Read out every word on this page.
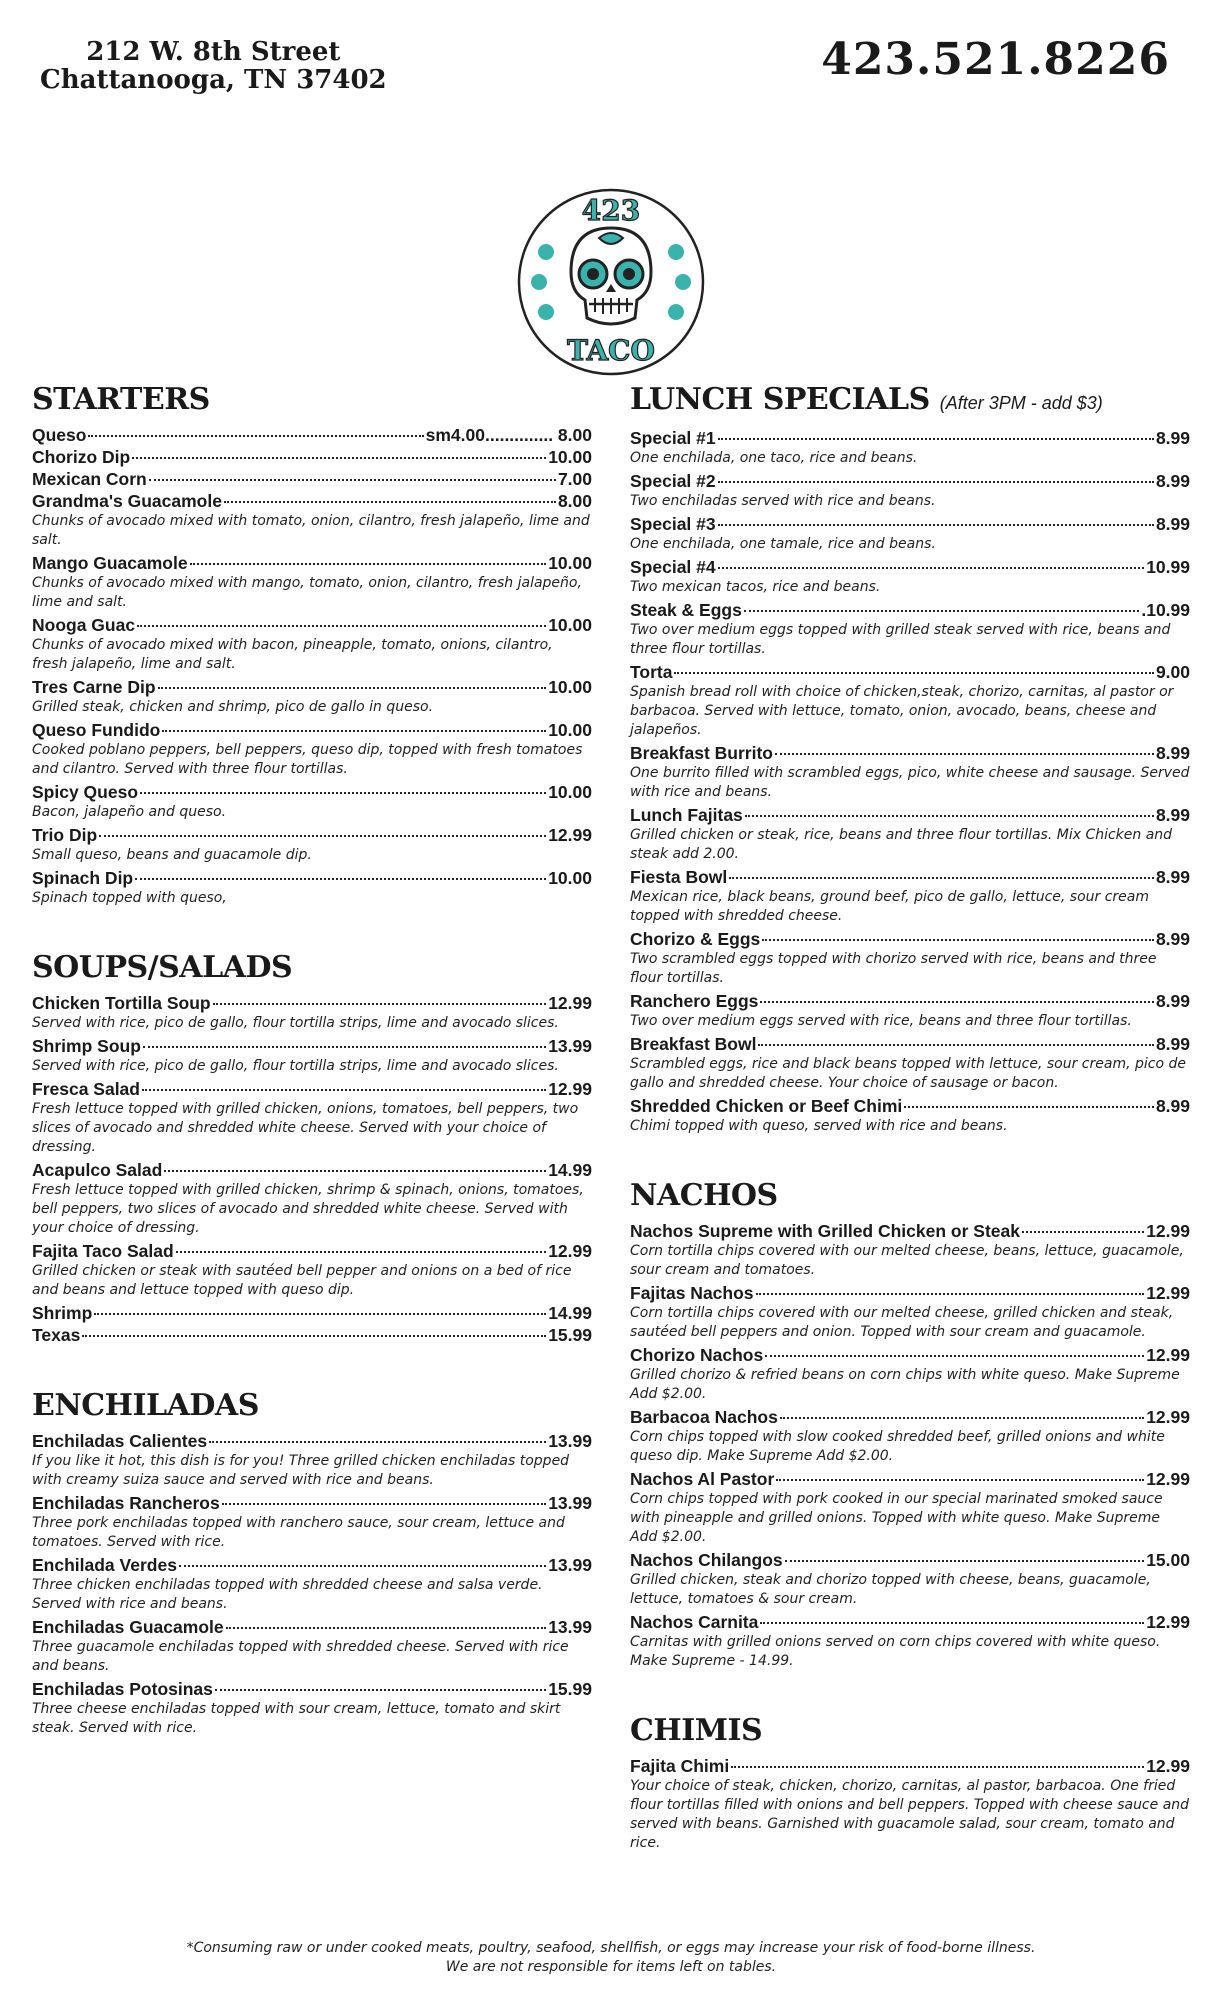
212 W. 8th Street
Chattanooga, TN 37402	423.521.8226
423
TACO
STARTERS
Queso	sm4.00.............. 8.00
Chorizo Dip	10.00
Mexican Corn	7.00
Grandma's Guacamole	8.00
Chunks of avocado mixed with tomato, onion, cilantro, fresh jalapeño, lime and salt.
Mango Guacamole	10.00
Chunks of avocado mixed with mango, tomato, onion, cilantro, fresh jalapeño, lime and salt.
Nooga Guac	10.00
Chunks of avocado mixed with bacon, pineapple, tomato, onions, cilantro, fresh jalapeño, lime and salt.
Tres Carne Dip	10.00
Grilled steak, chicken and shrimp, pico de gallo in queso.
Queso Fundido	10.00
Cooked poblano peppers, bell peppers, queso dip, topped with fresh tomatoes and cilantro. Served with three flour tortillas.
Spicy Queso	10.00
Bacon, jalapeño and queso.
Trio Dip	12.99
Small queso, beans and guacamole dip.
Spinach Dip	10.00
Spinach topped with queso,
SOUPS/SALADS
Chicken Tortilla Soup	12.99
Served with rice, pico de gallo, flour tortilla strips, lime and avocado slices.
Shrimp Soup	13.99
Served with rice, pico de gallo, flour tortilla strips, lime and avocado slices.
Fresca Salad	12.99
Fresh lettuce topped with grilled chicken, onions, tomatoes, bell peppers, two slices of avocado and shredded white cheese. Served with your choice of dressing.
Acapulco Salad	14.99
Fresh lettuce topped with grilled chicken, shrimp & spinach, onions, tomatoes, bell peppers, two slices of avocado and shredded white cheese. Served with your choice of dressing.
Fajita Taco Salad	12.99
Grilled chicken or steak with sautéed bell pepper and onions on a bed of rice and beans and lettuce topped with queso dip.
Shrimp	14.99
Texas	15.99
ENCHILADAS
Enchiladas Calientes	13.99
If you like it hot, this dish is for you! Three grilled chicken enchiladas topped with creamy suiza sauce and served with rice and beans.
Enchiladas Rancheros	13.99
Three pork enchiladas topped with ranchero sauce, sour cream, lettuce and tomatoes. Served with rice.
Enchilada Verdes	13.99
Three chicken enchiladas topped with shredded cheese and salsa verde. Served with rice and beans.
Enchiladas Guacamole	13.99
Three guacamole enchiladas topped with shredded cheese. Served with rice and beans.
Enchiladas Potosinas	15.99
Three cheese enchiladas topped with sour cream, lettuce, tomato and skirt steak. Served with rice.
LUNCH SPECIALS (After 3PM - add $3)
Special #1	8.99
One enchilada, one taco, rice and beans.
Special #2	8.99
Two enchiladas served with rice and beans.
Special #3	8.99
One enchilada, one tamale, rice and beans.
Special #4	10.99
Two mexican tacos, rice and beans.
Steak & Eggs	.10.99
Two over medium eggs topped with grilled steak served with rice, beans and three flour tortillas.
Torta	9.00
Spanish bread roll with choice of chicken,steak, chorizo, carnitas, al pastor or barbacoa. Served with lettuce, tomato, onion, avocado, beans, cheese and jalapeños.
Breakfast Burrito	8.99
One burrito filled with scrambled eggs, pico, white cheese and sausage. Served with rice and beans.
Lunch Fajitas	8.99
Grilled chicken or steak, rice, beans and three flour tortillas. Mix Chicken and steak add 2.00.
Fiesta Bowl	8.99
Mexican rice, black beans, ground beef, pico de gallo, lettuce, sour cream topped with shredded cheese.
Chorizo & Eggs	8.99
Two scrambled eggs topped with chorizo served with rice, beans and three flour tortillas.
Ranchero Eggs	8.99
Two over medium eggs served with rice, beans and three flour tortillas.
Breakfast Bowl	8.99
Scrambled eggs, rice and black beans topped with lettuce, sour cream, pico de gallo and shredded cheese. Your choice of sausage or bacon.
Shredded Chicken or Beef Chimi	8.99
Chimi topped with queso, served with rice and beans.
NACHOS
Nachos Supreme with Grilled Chicken or Steak	12.99
Corn tortilla chips covered with our melted cheese, beans, lettuce, guacamole, sour cream and tomatoes.
Fajitas Nachos	12.99
Corn tortilla chips covered with our melted cheese, grilled chicken and steak, sautéed bell peppers and onion. Topped with sour cream and guacamole.
Chorizo Nachos	12.99
Grilled chorizo & refried beans on corn chips with white queso. Make Supreme Add $2.00.
Barbacoa Nachos	12.99
Corn chips topped with slow cooked shredded beef, grilled onions and white queso dip. Make Supreme Add $2.00.
Nachos Al Pastor	12.99
Corn chips topped with pork cooked in our special marinated smoked sauce with pineapple and grilled onions. Topped with white queso. Make Supreme Add $2.00.
Nachos Chilangos	15.00
Grilled chicken, steak and chorizo topped with cheese, beans, guacamole, lettuce, tomatoes & sour cream.
Nachos Carnita	12.99
Carnitas with grilled onions served on corn chips covered with white queso. Make Supreme - 14.99.
CHIMIS
Fajita Chimi	12.99
Your choice of steak, chicken, chorizo, carnitas, al pastor, barbacoa. One fried flour tortillas filled with onions and bell peppers. Topped with cheese sauce and served with beans. Garnished with guacamole salad, sour cream, tomato and rice.
*Consuming raw or under cooked meats, poultry, seafood, shellfish, or eggs may increase your risk of food-borne illness.
We are not responsible for items left on tables.
